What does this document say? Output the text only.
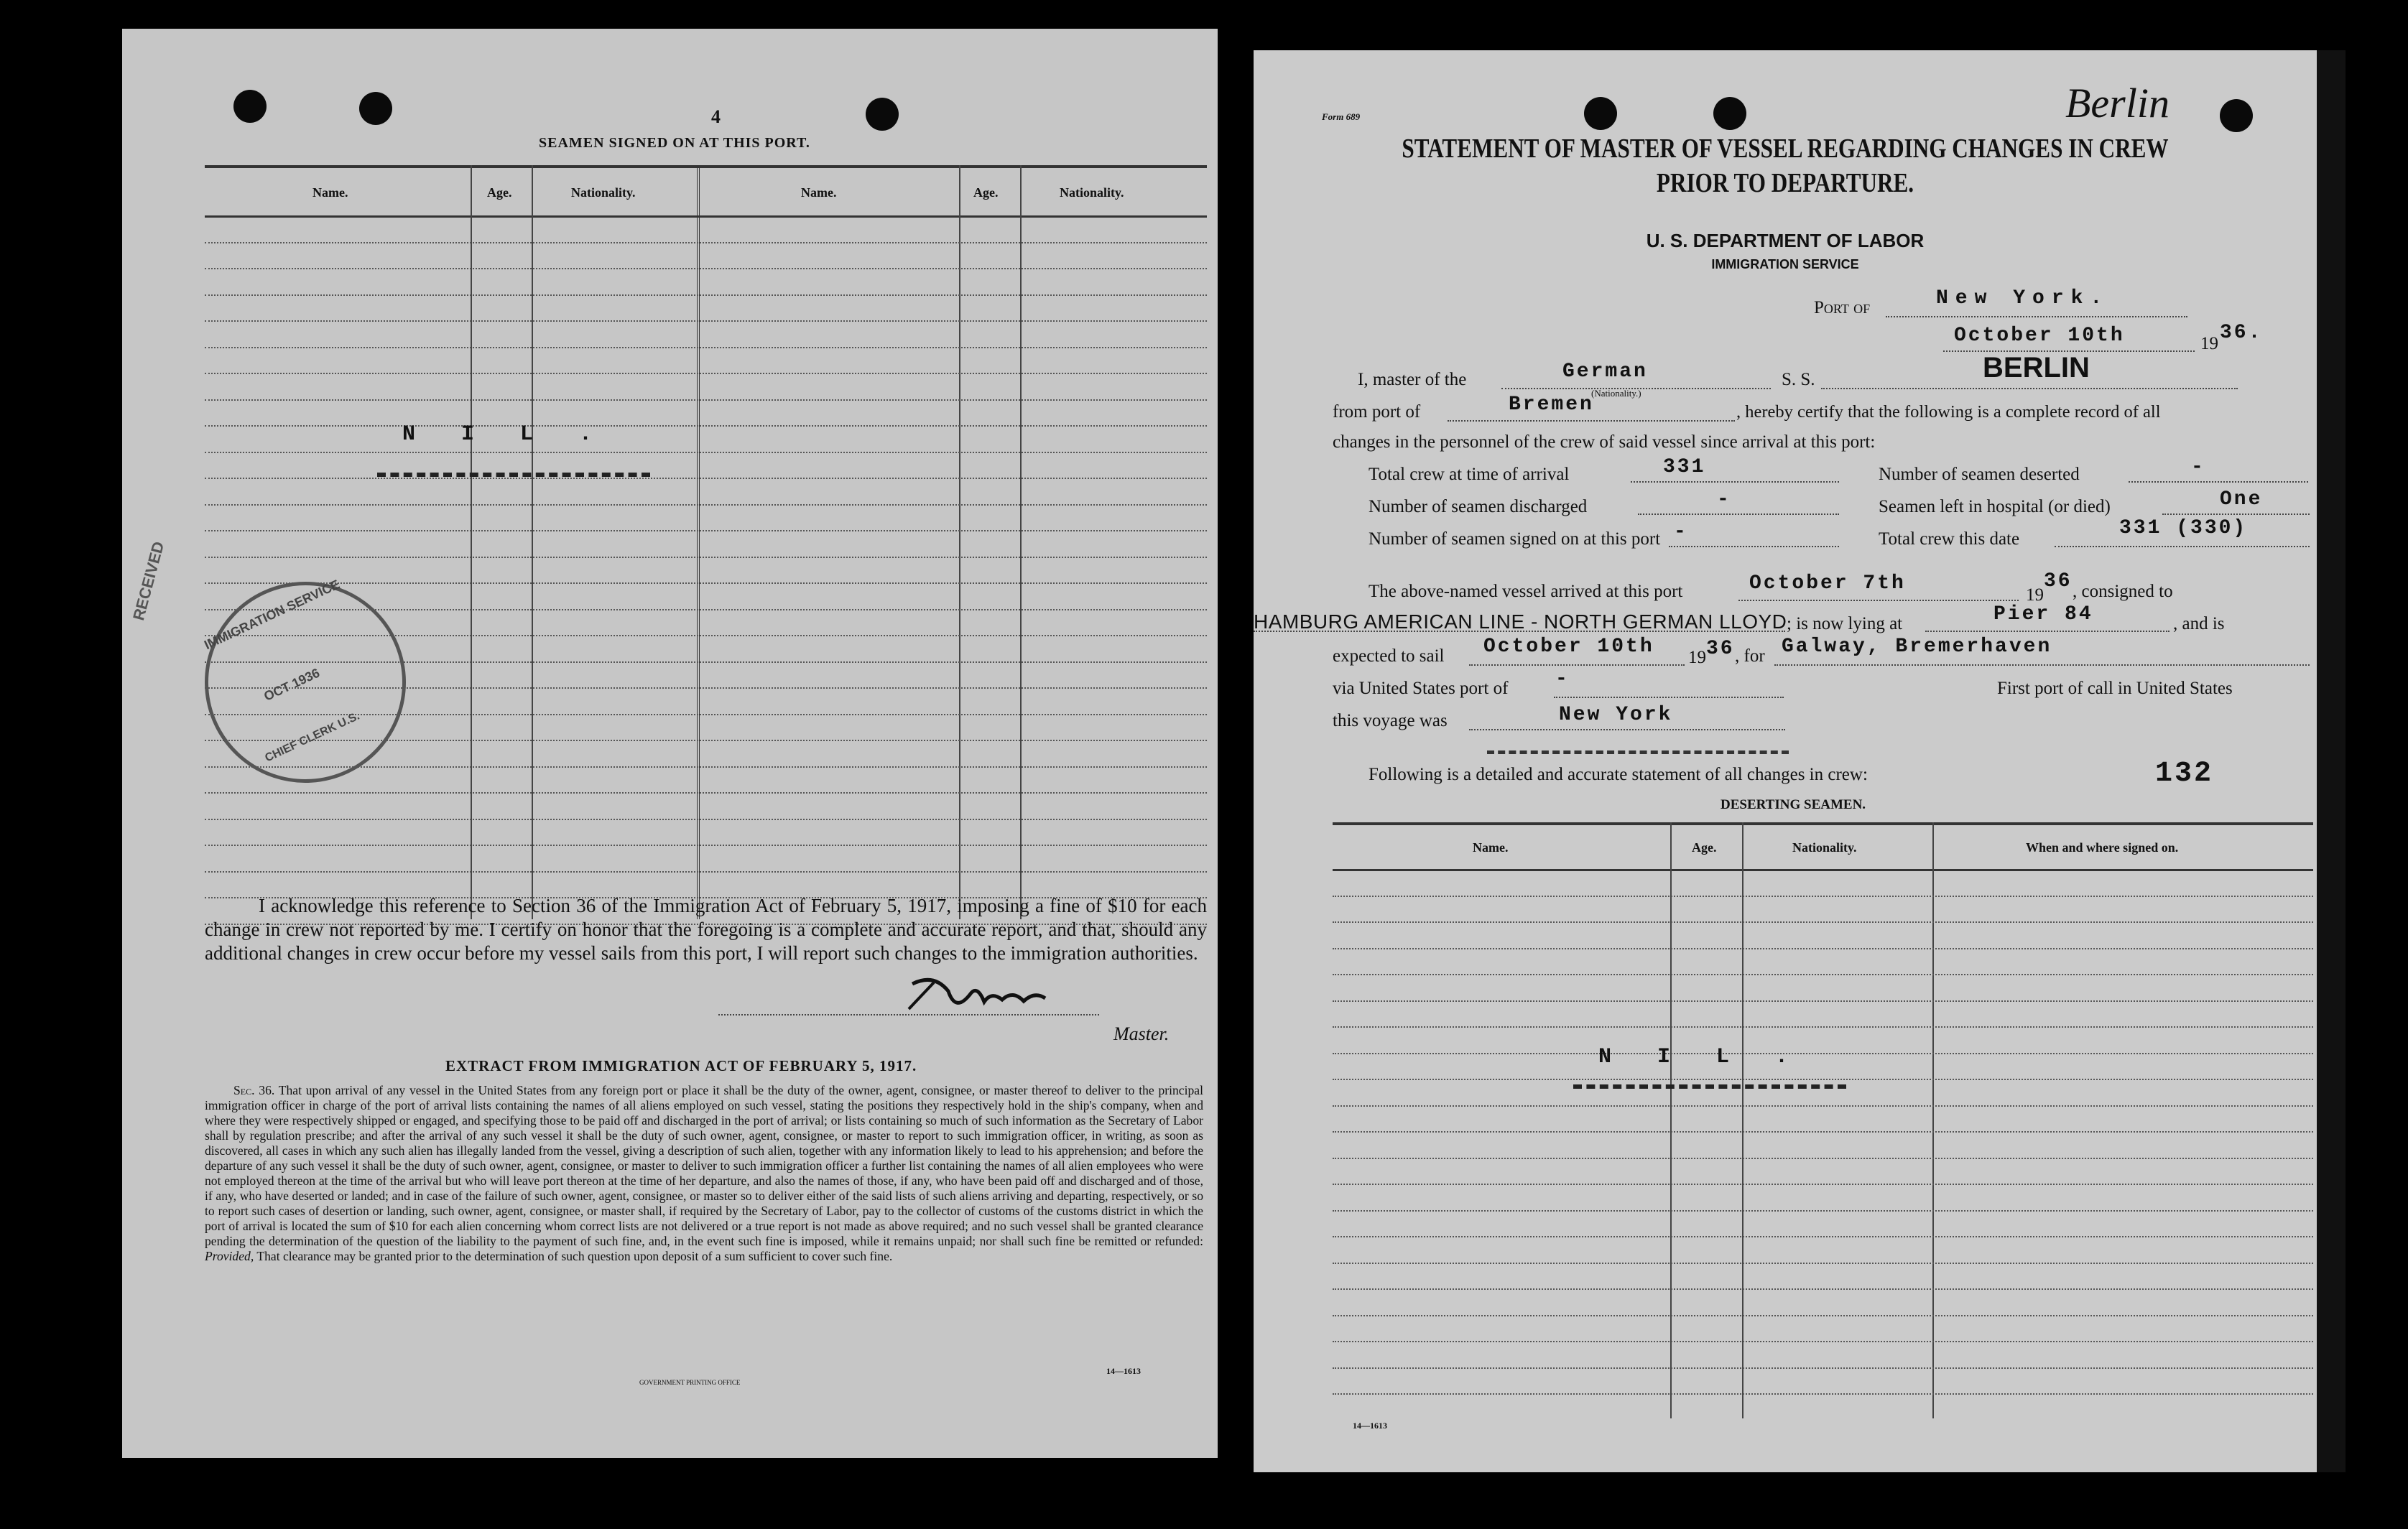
4
SEAMEN SIGNED ON AT THIS PORT.
Name.	Age.	Nationality.	Name.	Age.	Nationality.
N I L .
IMMIGRATION SERVICE
OCT 1936
CHIEF CLERK U.S.
RECEIVED
I acknowledge this reference to Section 36 of the Immigration Act of February 5, 1917, imposing a fine of $10 for each change in crew not reported by me. I certify on honor that the foregoing is a complete and accurate report, and that, should any additional changes in crew occur before my vessel sails from this port, I will report such changes to the immigration authorities.
Master.
EXTRACT FROM IMMIGRATION ACT OF FEBRUARY 5, 1917.
Sec. 36. That upon arrival of any vessel in the United States from any foreign port or place it shall be the duty of the owner, agent, consignee, or master thereof to deliver to the principal immigration officer in charge of the port of arrival lists containing the names of all aliens employed on such vessel, stating the positions they respectively hold in the ship's company, when and where they were respectively shipped or engaged, and specifying those to be paid off and discharged in the port of arrival; or lists containing so much of such information as the Secretary of Labor shall by regulation prescribe; and after the arrival of any such vessel it shall be the duty of such owner, agent, consignee, or master to report to such immigration officer, in writing, as soon as discovered, all cases in which any such alien has illegally landed from the vessel, giving a description of such alien, together with any information likely to lead to his apprehension; and before the departure of any such vessel it shall be the duty of such owner, agent, consignee, or master to deliver to such immigration officer a further list containing the names of all alien employees who were not employed thereon at the time of the arrival but who will leave port thereon at the time of her departure, and also the names of those, if any, who have been paid off and discharged and of those, if any, who have deserted or landed; and in case of the failure of such owner, agent, consignee, or master so to deliver either of the said lists of such aliens arriving and departing, respectively, or so to report such cases of desertion or landing, such owner, agent, consignee, or master shall, if required by the Secretary of Labor, pay to the collector of customs of the customs district in which the port of arrival is located the sum of $10 for each alien concerning whom correct lists are not delivered or a true report is not made as above required; and no such vessel shall be granted clearance pending the determination of the question of the liability to the payment of such fine, and, in the event such fine is imposed, while it remains unpaid; nor shall such fine be remitted or refunded: Provided, That clearance may be granted prior to the determination of such question upon deposit of a sum sufficient to cover such fine.
GOVERNMENT PRINTING OFFICE
14—1613
Form 689	Berlin
STATEMENT OF MASTER OF VESSEL REGARDING CHANGES IN CREW
PRIOR TO DEPARTURE.
U. S. DEPARTMENT OF LABOR
IMMIGRATION SERVICE
Port of	New York.
October 10th	19 36.
I, master of the	German
(Nationality.)
S. S.	BERLIN
from port of	Bremen	, hereby certify that the following is a complete record of all
changes in the personnel of the crew of said vessel since arrival at this port:
Total crew at time of arrival	331	Number of seamen deserted	-
Number of seamen discharged	-	Seamen left in hospital (or died)	One
Number of seamen signed on at this port -	Total crew this date	331 (330)
The above-named vessel arrived at this port	October 7th
19
36 , consigned to
HAMBURG AMERICAN LINE - NORTH GERMAN LLOYD ; is now lying at	Pier 84	, and is
expected to sail October 10th 19 36 , for Galway, Bremerhaven
via United States port of -	First port of call in United States
this voyage was	New York
Following is a detailed and accurate statement of all changes in crew:	132
DESERTING SEAMEN.
Name.	Age.	Nationality.	When and where signed on.
N I L .
14—1613
